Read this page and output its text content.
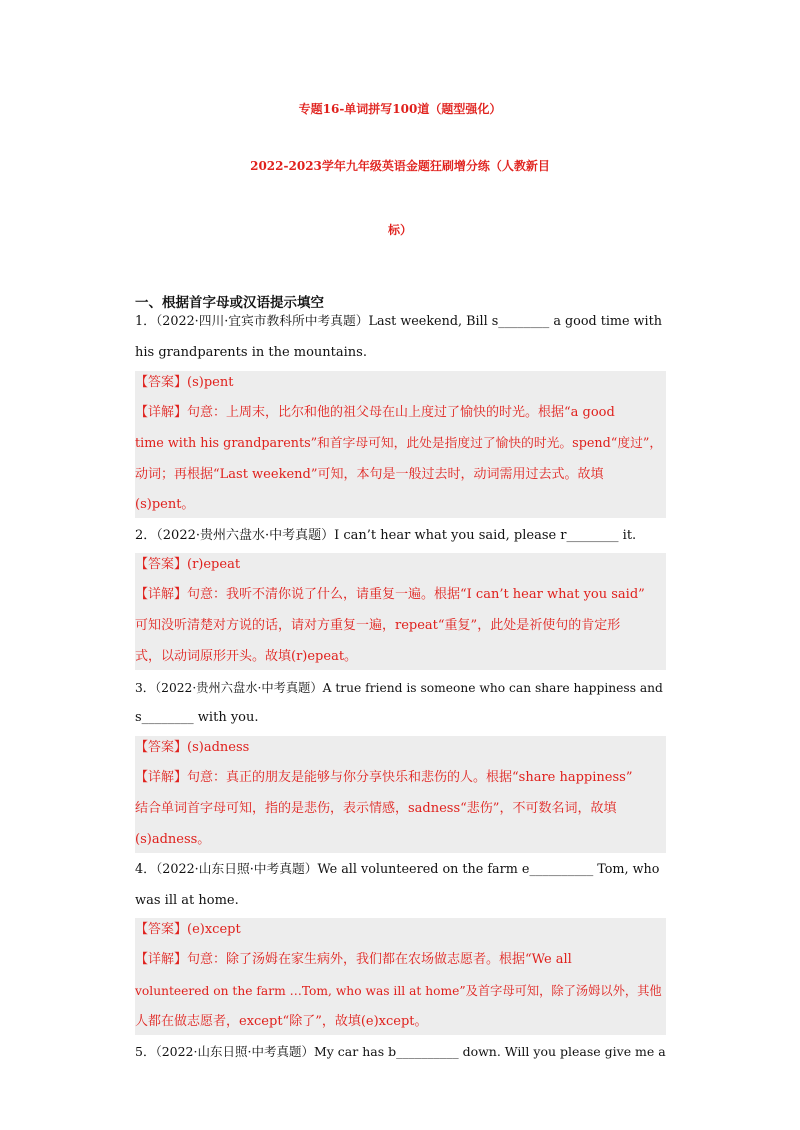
专题16-单词拼写100道（题型强化）
2022-2023学年九年级英语金题狂刷增分练（人教新目
标）
一、根据首字母或汉语提示填空
1．（2022·四川·宜宾市教科所中考真题）Last weekend, Bill s________ a good time with
his grandparents in the mountains.
【答案】(s)pent
【详解】句意：上周末，比尔和他的祖父母在山上度过了愉快的时光。根据“a good
time with his grandparents”和首字母可知，此处是指度过了愉快的时光。spend“度过”，
动词；再根据“Last weekend”可知，本句是一般过去时，动词需用过去式。故填
(s)pent。
2．（2022·贵州六盘水·中考真题）I can’t hear what you said, please r________ it.
【答案】(r)epeat
【详解】句意：我听不清你说了什么，请重复一遍。根据“I can’t hear what you said”
可知没听清楚对方说的话，请对方重复一遍，repeat“重复”，此处是祈使句的肯定形
式，以动词原形开头。故填(r)epeat。
3．（2022·贵州六盘水·中考真题）A true friend is someone who can share happiness and
s________ with you.
【答案】(s)adness
【详解】句意：真正的朋友是能够与你分享快乐和悲伤的人。根据“share happiness”
结合单词首字母可知，指的是悲伤，表示情感，sadness“悲伤”，不可数名词，故填
(s)adness。
4．（2022·山东日照·中考真题）We all volunteered on the farm e__________ Tom, who
was ill at home.
【答案】(e)xcept
【详解】句意：除了汤姆在家生病外，我们都在农场做志愿者。根据“We all
volunteered on the farm …Tom, who was ill at home”及首字母可知，除了汤姆以外，其他
人都在做志愿者，except“除了”，故填(e)xcept。
5．（2022·山东日照·中考真题）My car has b__________ down. Will you please give me a
